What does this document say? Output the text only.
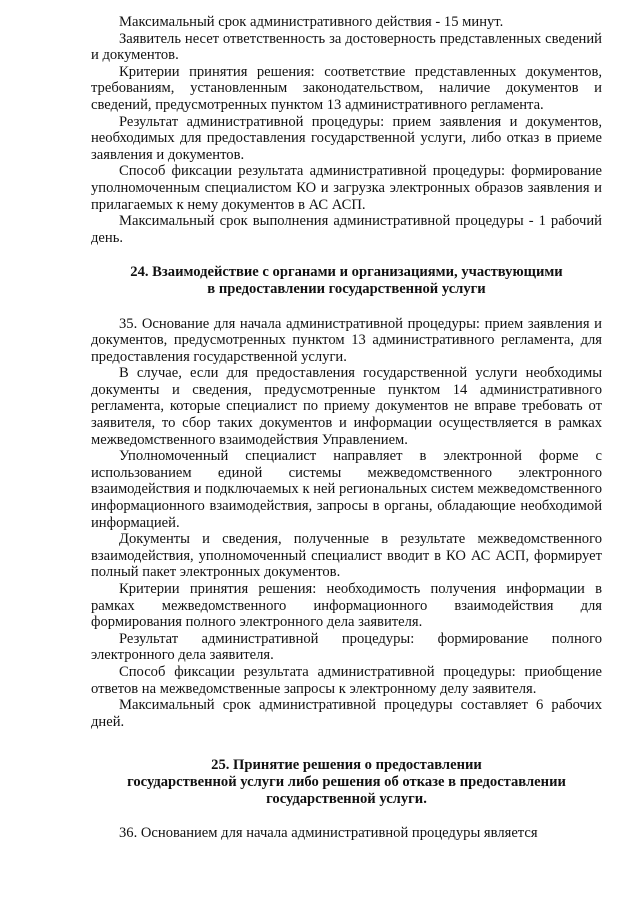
Максимальный срок административного действия - 15 минут.

Заявитель несет ответственность за достоверность представленных сведений и документов.

Критерии принятия решения: соответствие представленных документов, требованиям, установленным законодательством, наличие документов и сведений, предусмотренных пунктом 13 административного регламента.

Результат административной процедуры: прием заявления и документов, необходимых для предоставления государственной услуги, либо отказ в приеме заявления и документов.

Способ фиксации результата административной процедуры: формирование уполномоченным специалистом КО и загрузка электронных образов заявления и прилагаемых к нему документов в АС АСП.

Максимальный срок выполнения административной процедуры - 1 рабочий день.

24. Взаимодействие с органами и организациями, участвующими
в предоставлении государственной услуги

35. Основание для начала административной процедуры: прием заявления и документов, предусмотренных пунктом 13 административного регламента, для предоставления государственной услуги.

В случае, если для предоставления государственной услуги необходимы документы и сведения, предусмотренные пунктом 14 административного регламента, которые специалист по приему документов не вправе требовать от заявителя, то сбор таких документов и информации осуществляется в рамках межведомственного взаимодействия Управлением.

Уполномоченный специалист направляет в электронной форме с использованием единой системы межведомственного электронного взаимодействия и подключаемых к ней региональных систем межведомственного информационного взаимодействия, запросы в органы, обладающие необходимой информацией.

Документы и сведения, полученные в результате межведомственного взаимодействия, уполномоченный специалист вводит в КО АС АСП, формирует полный пакет электронных документов.

Критерии принятия решения: необходимость получения информации в рамках межведомственного информационного взаимодействия для формирования полного электронного дела заявителя.

Результат административной процедуры: формирование полного электронного дела заявителя.

Способ фиксации результата административной процедуры: приобщение ответов на межведомственные запросы к электронному делу заявителя.

Максимальный срок административной процедуры составляет 6 рабочих дней.

25. Принятие решения о предоставлении
государственной услуги либо решения об отказе в предоставлении
государственной услуги.

36. Основанием для начала административной процедуры является
